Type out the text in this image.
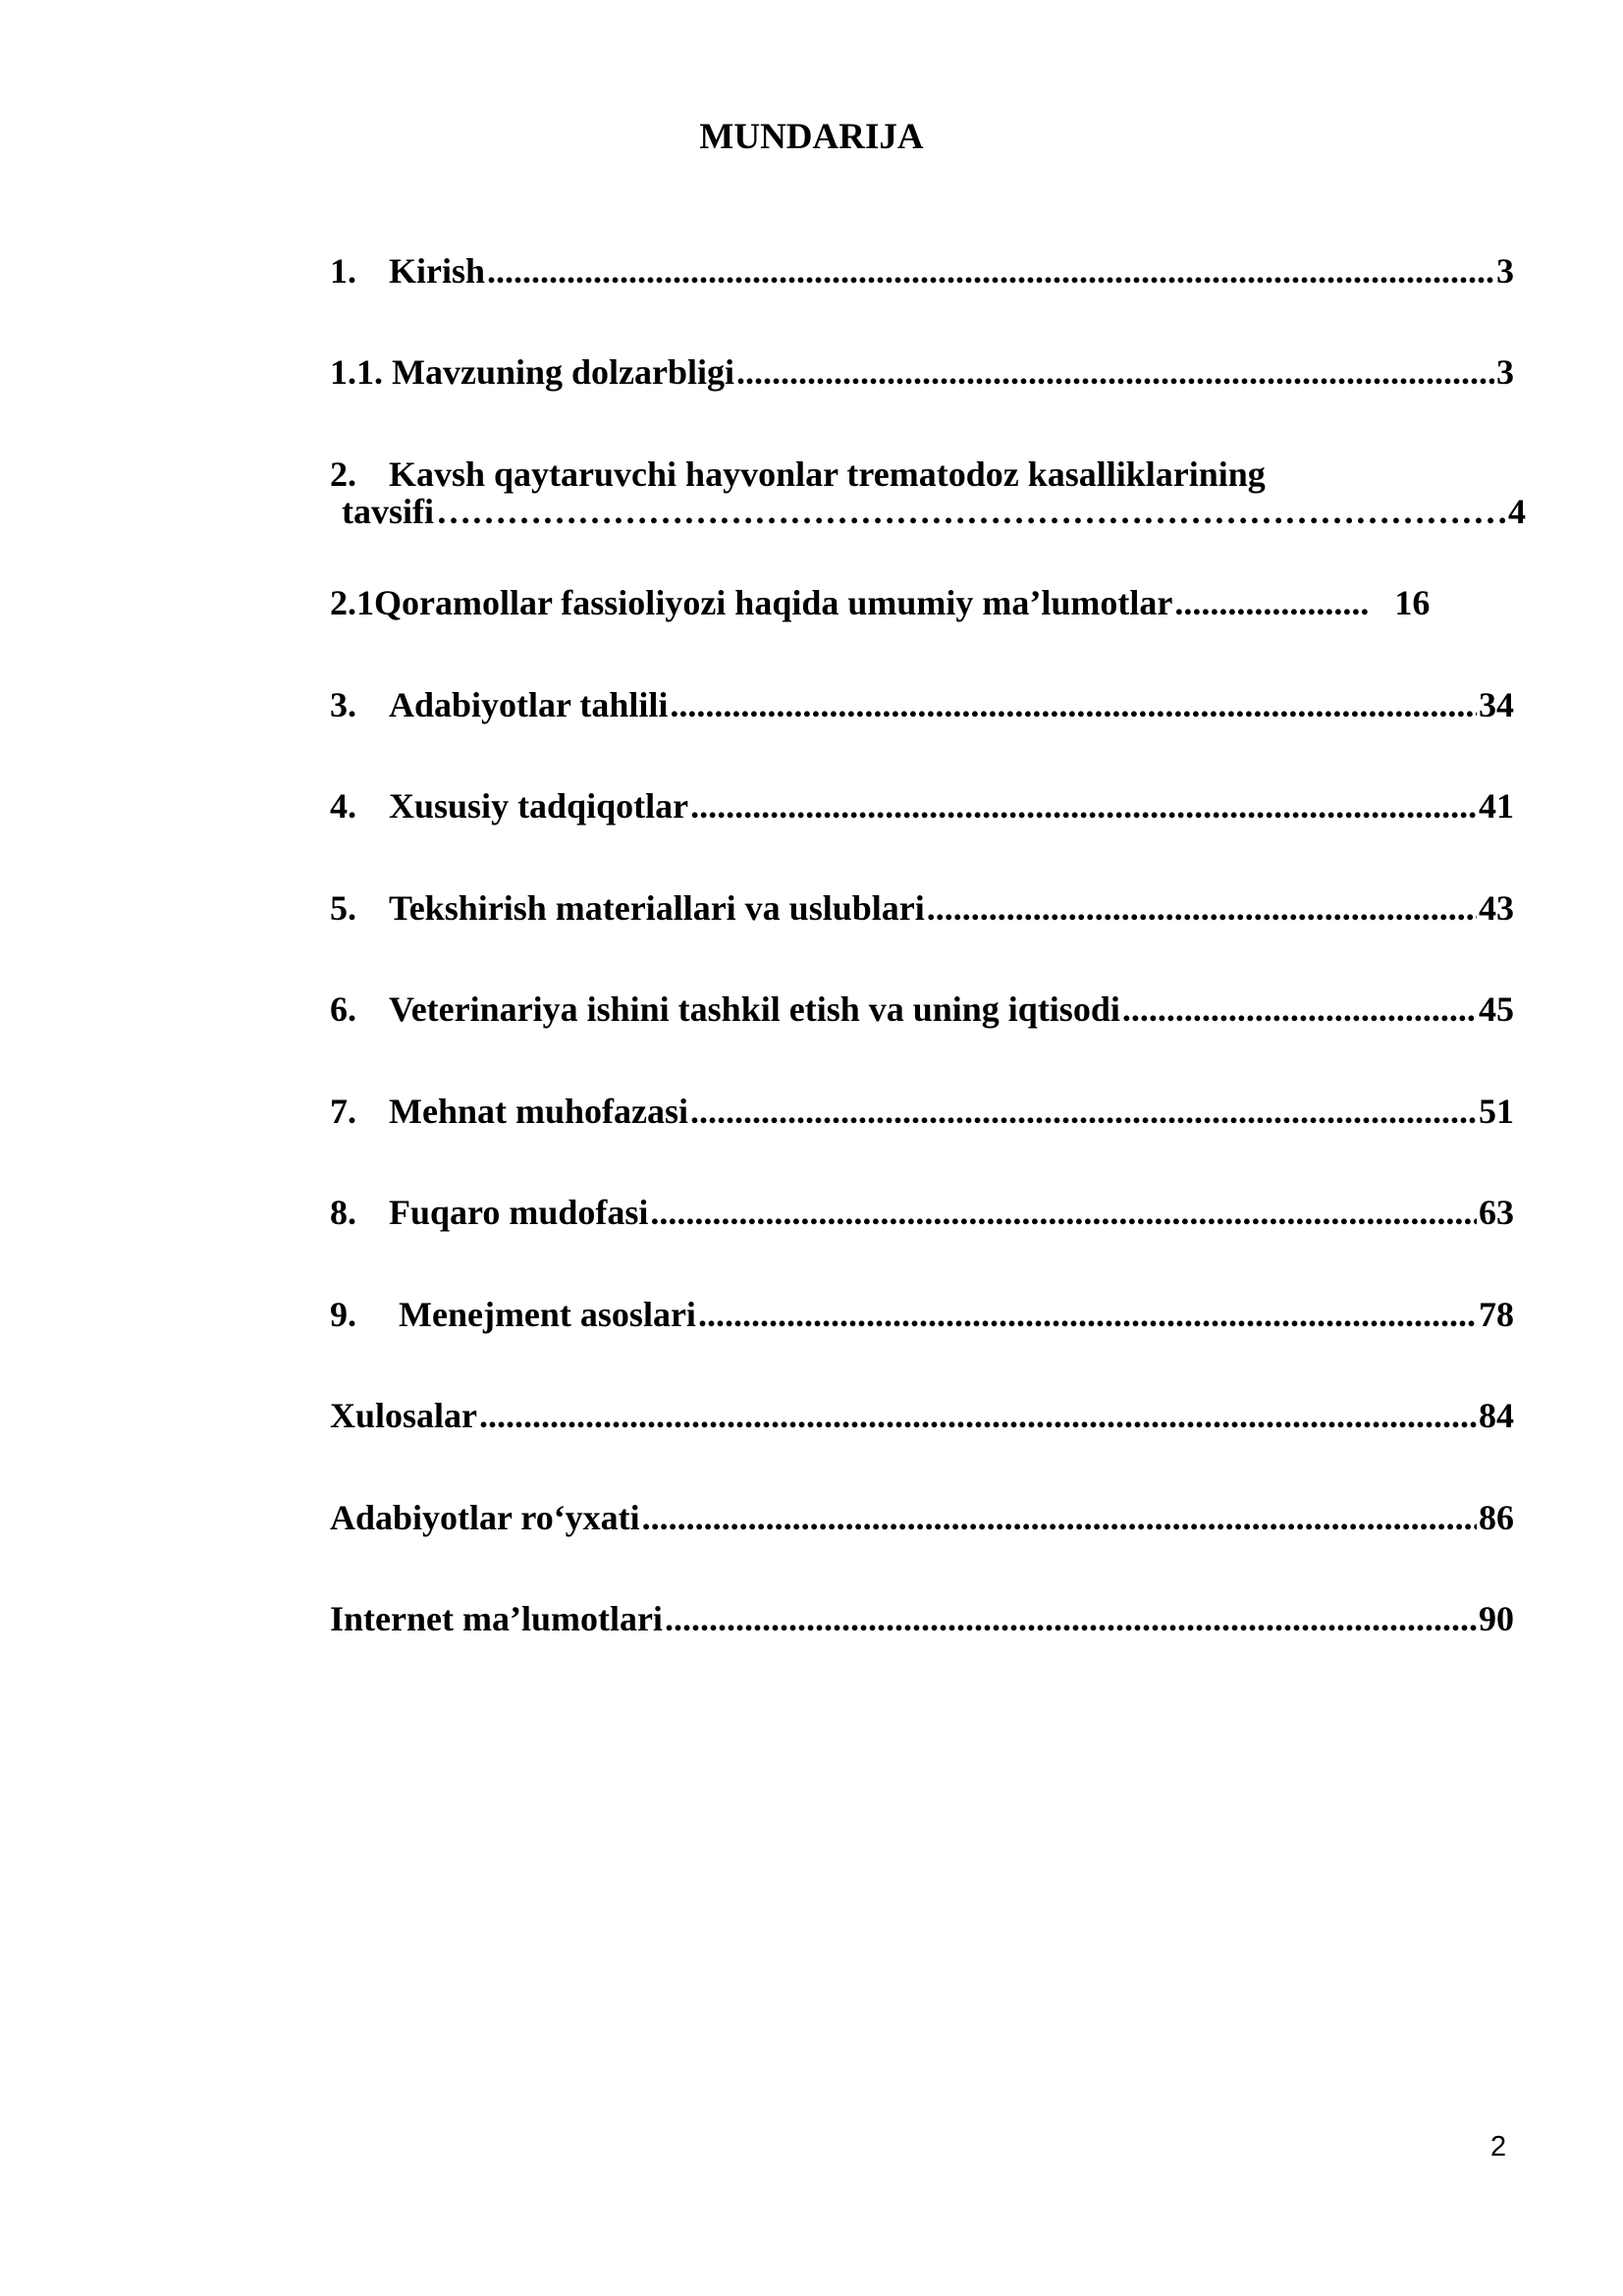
MUNDARIJA
1. Kirish .....	3
1.1. Mavzuning dolzarbligi .....	3
2. Kavsh qaytaruvchi hayvonlar trematodoz kasalliklarining
tavsifi …………………………………………………………………………………………………………………………………………………………………………………………	…4
2.1Qoramollar fassioliyozi haqida umumiy ma’lumotlar .....	16
3. Adabiyotlar tahlili .....	34
4. Xususiy tadqiqotlar .....	41
5. Tekshirish materiallari va uslublari .....	43
6. Veterinariya ishini tashkil etish va uning iqtisodi .....	45
7. Mehnat muhofazasi .....	51
8. Fuqaro mudofasi .....	63
9.	Menejment asoslari .....	78
Xulosalar .....	84
Adabiyotlar ro‘yxati .....	86
Internet ma’lumotlari .....	90
2
